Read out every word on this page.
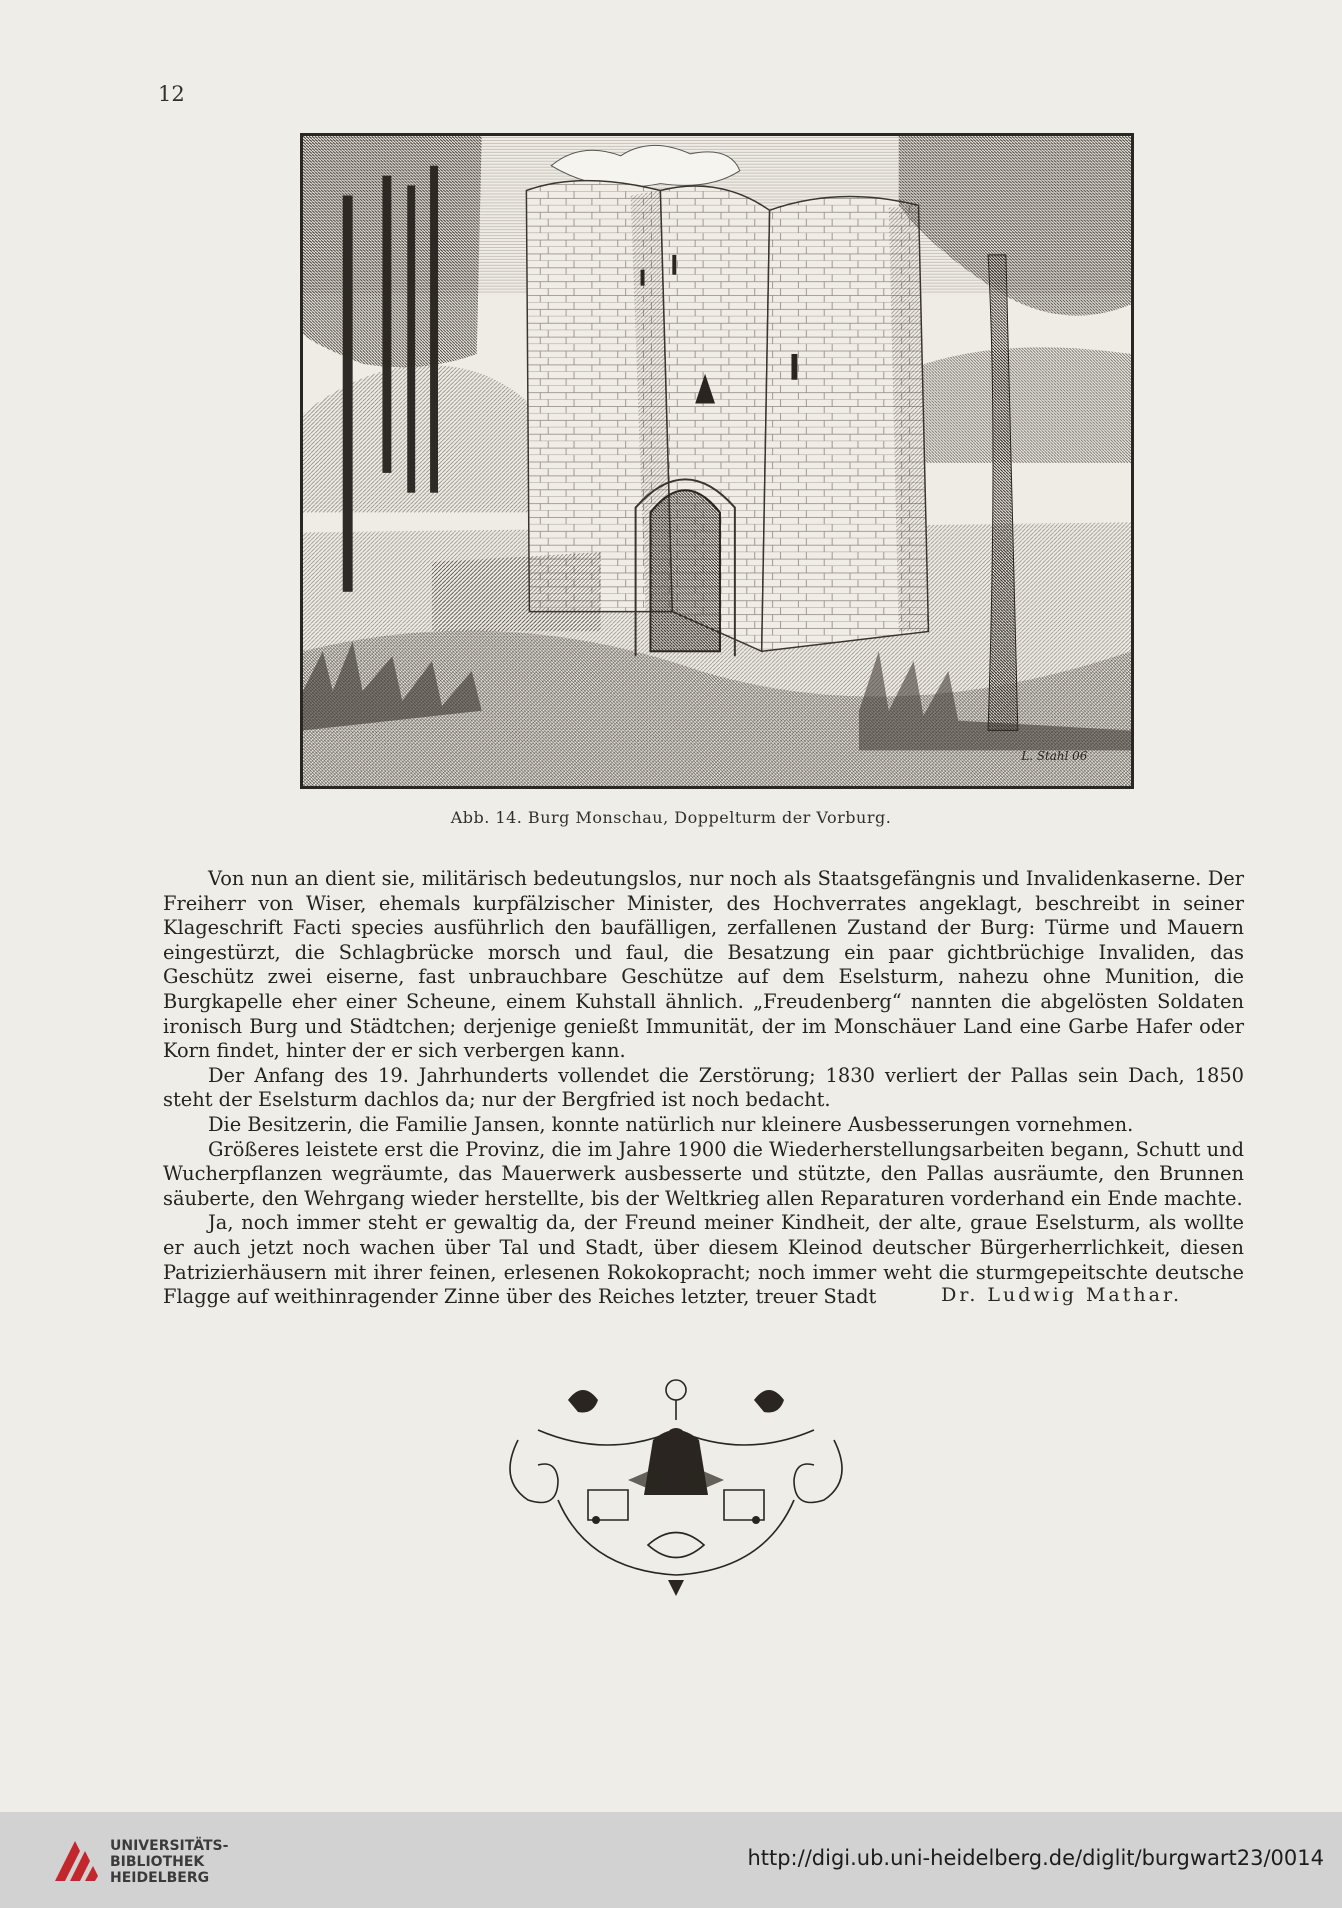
12
L. Stahl 06
Abb. 14. Burg Monschau, Doppelturm der Vorburg.

Von nun an dient sie, militärisch bedeutungslos, nur noch als Staatsgefängnis und Invalidenkaserne. Der Freiherr von Wiser, ehemals kurpfälzischer Minister, des Hochverrates angeklagt, beschreibt in seiner Klageschrift Facti species ausführlich den baufälligen, zerfallenen Zustand der Burg: Türme und Mauern eingestürzt, die Schlagbrücke morsch und faul, die Besatzung ein paar gichtbrüchige Invaliden, das Geschütz zwei eiserne, fast unbrauchbare Geschütze auf dem Eselsturm, nahezu ohne Munition, die Burgkapelle eher einer Scheune, einem Kuhstall ähnlich. „Freudenberg“ nannten die abgelösten Soldaten ironisch Burg und Städtchen; derjenige genießt Immunität, der im Monschäuer Land eine Garbe Hafer oder Korn findet, hinter der er sich verbergen kann.

Der Anfang des 19. Jahrhunderts vollendet die Zerstörung; 1830 verliert der Pallas sein Dach, 1850 steht der Eselsturm dachlos da; nur der Bergfried ist noch bedacht.

Die Besitzerin, die Familie Jansen, konnte natürlich nur kleinere Ausbesserungen vornehmen.

Größeres leistete erst die Provinz, die im Jahre 1900 die Wiederherstellungsarbeiten begann, Schutt und Wucherpflanzen wegräumte, das Mauerwerk ausbesserte und stützte, den Pallas ausräumte, den Brunnen säuberte, den Wehrgang wieder herstellte, bis der Weltkrieg allen Reparaturen vorderhand ein Ende machte.

Ja, noch immer steht er gewaltig da, der Freund meiner Kindheit, der alte, graue Eselsturm, als wollte er auch jetzt noch wachen über Tal und Stadt, über diesem Kleinod deutscher Bürgerherrlichkeit, diesen Patrizierhäusern mit ihrer feinen, erlesenen Rokokopracht; noch immer weht die sturmgepeitschte deutsche Flagge auf weithinragender Zinne über des Reiches letzter, treuer Stadt	Dr. Ludwig Mathar.
UNIVERSITÄTS-
BIBLIOTHEK
HEIDELBERG
http://digi.ub.uni-heidelberg.de/diglit/burgwart23/0014
